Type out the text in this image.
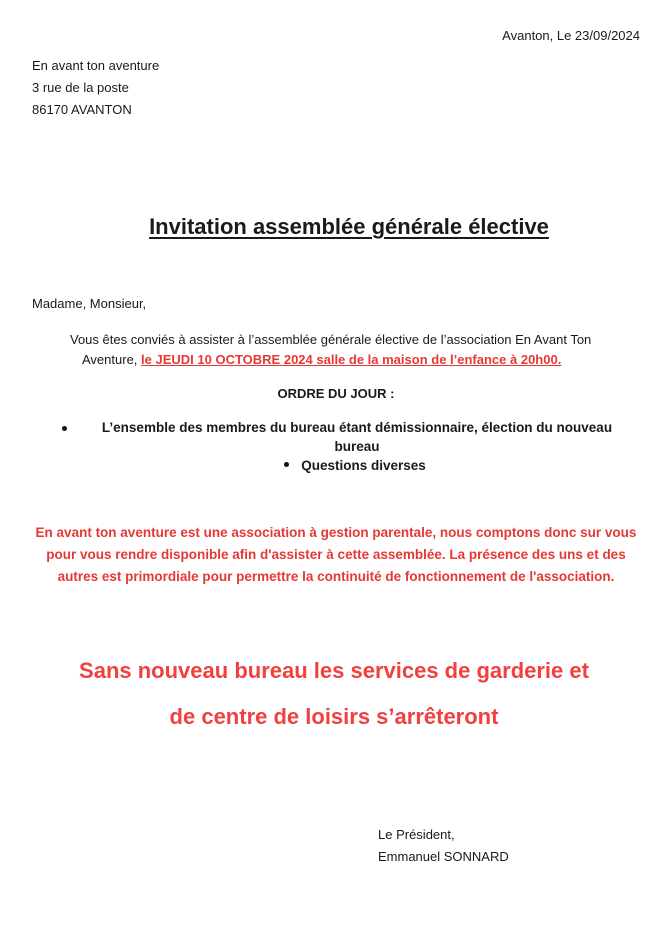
Avanton, Le 23/09/2024
En avant ton aventure
3 rue de la poste
86170 AVANTON
Invitation assemblée générale élective
Madame, Monsieur,
Vous êtes conviés à assister à l’assemblée générale élective de l’association En Avant Ton
Aventure, le JEUDI 10 OCTOBRE 2024 salle de la maison de l’enfance à 20h00.
ORDRE DU JOUR :
L’ensemble des membres du bureau étant démissionnaire, élection du nouveau bureau
Questions diverses
En avant ton aventure est une association à gestion parentale, nous comptons donc sur vous pour vous rendre disponible afin d'assister à cette assemblée. La présence des uns et des autres est primordiale pour permettre la continuité de fonctionnement de l'association.
Sans nouveau bureau les services de garderie et
de centre de loisirs s’arrêteront
Le Président,
Emmanuel SONNARD
